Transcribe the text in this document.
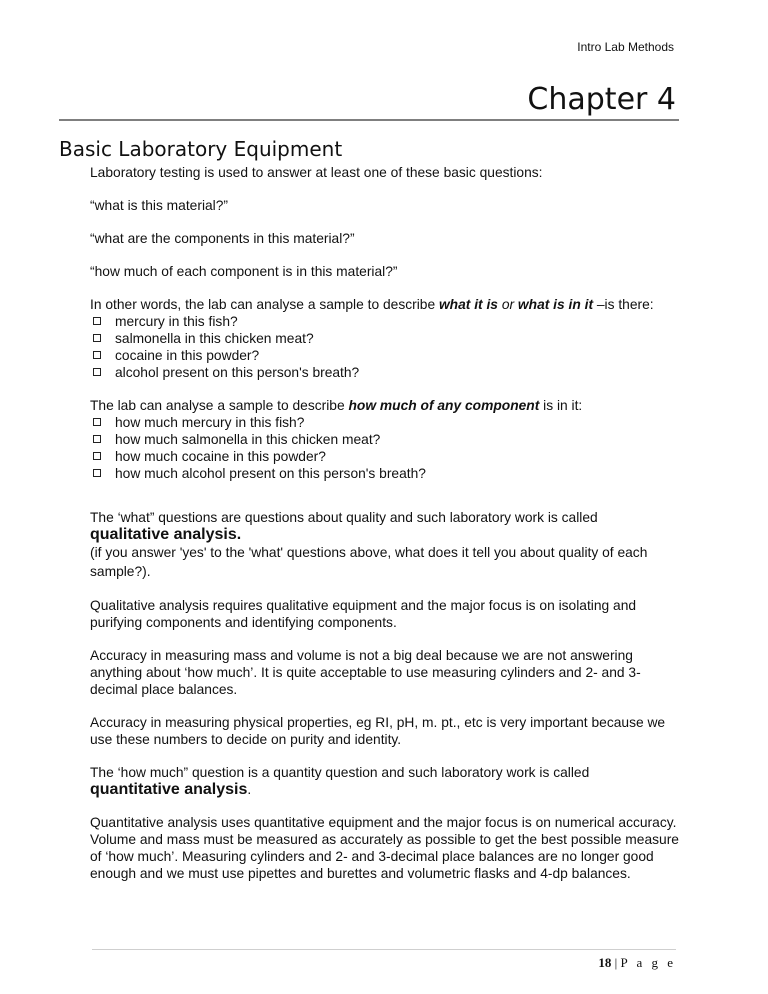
Intro Lab Methods
Chapter 4
Basic Laboratory Equipment

Laboratory testing is used to answer at least one of these basic questions:

“what is this material?”

“what are the components in this material?”

“how much of each component is in this material?”

In other words, the lab can analyse a sample to describe what it is or what is in it –is there:

mercury in this fish?
salmonella in this chicken meat?
cocaine in this powder?
alcohol present on this person's breath?

The lab can analyse a sample to describe how much of any component is in it:

how much mercury in this fish?
how much salmonella in this chicken meat?
how much cocaine in this powder?
how much alcohol present on this person's breath?

The ‘what” questions are questions about quality and such laboratory work is called

qualitative analysis.

(if you answer 'yes' to the 'what' questions above, what does it tell you about quality of each sample?).

Qualitative analysis requires qualitative equipment and the major focus is on isolating and purifying components and identifying components.

Accuracy in measuring mass and volume is not a big deal because we are not answering anything about ‘how much’. It is quite acceptable to use measuring cylinders and 2- and 3- decimal place balances.

Accuracy in measuring physical properties, eg RI, pH, m. pt., etc is very important because we use these numbers to decide on purity and identity.

The ‘how much” question is a quantity question and such laboratory work is called

quantitative analysis.

Quantitative analysis uses quantitative equipment and the major focus is on numerical accuracy. Volume and mass must be measured as accurately as possible to get the best possible measure of ‘how much’. Measuring cylinders and 2- and 3-decimal place balances are no longer good enough and we must use pipettes and burettes and volumetric flasks and 4-dp balances.

18 | P a g e
